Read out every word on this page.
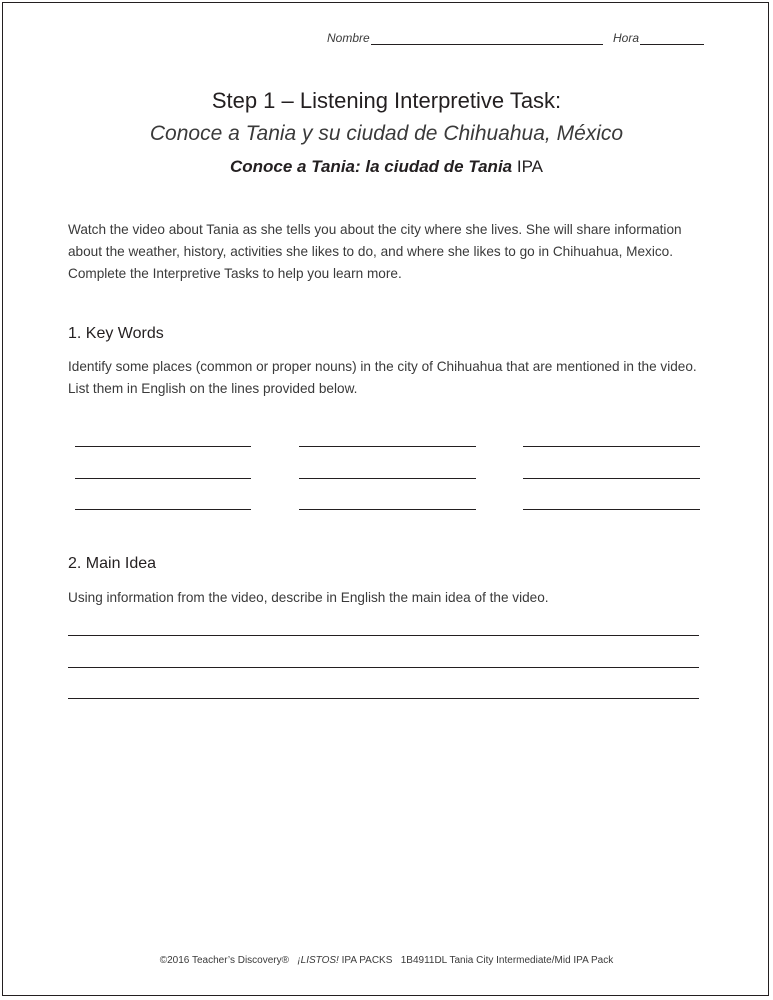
Nombre	Hora
Step 1 – Listening Interpretive Task:
Conoce a Tania y su ciudad de Chihuahua, México
Conoce a Tania: la ciudad de Tania IPA
Watch the video about Tania as she tells you about the city where she lives. She will share information about the weather, history, activities she likes to do, and where she likes to go in Chihuahua, Mexico. Complete the Interpretive Tasks to help you learn more.
1. Key Words
Identify some places (common or proper nouns) in the city of Chihuahua that are mentioned in the video. List them in English on the lines provided below.
2. Main Idea
Using information from the video, describe in English the main idea of the video.
©2016 Teacher’s Discovery® ¡LISTOS! IPA PACKS   1B4911DL Tania City Intermediate/Mid IPA Pack
